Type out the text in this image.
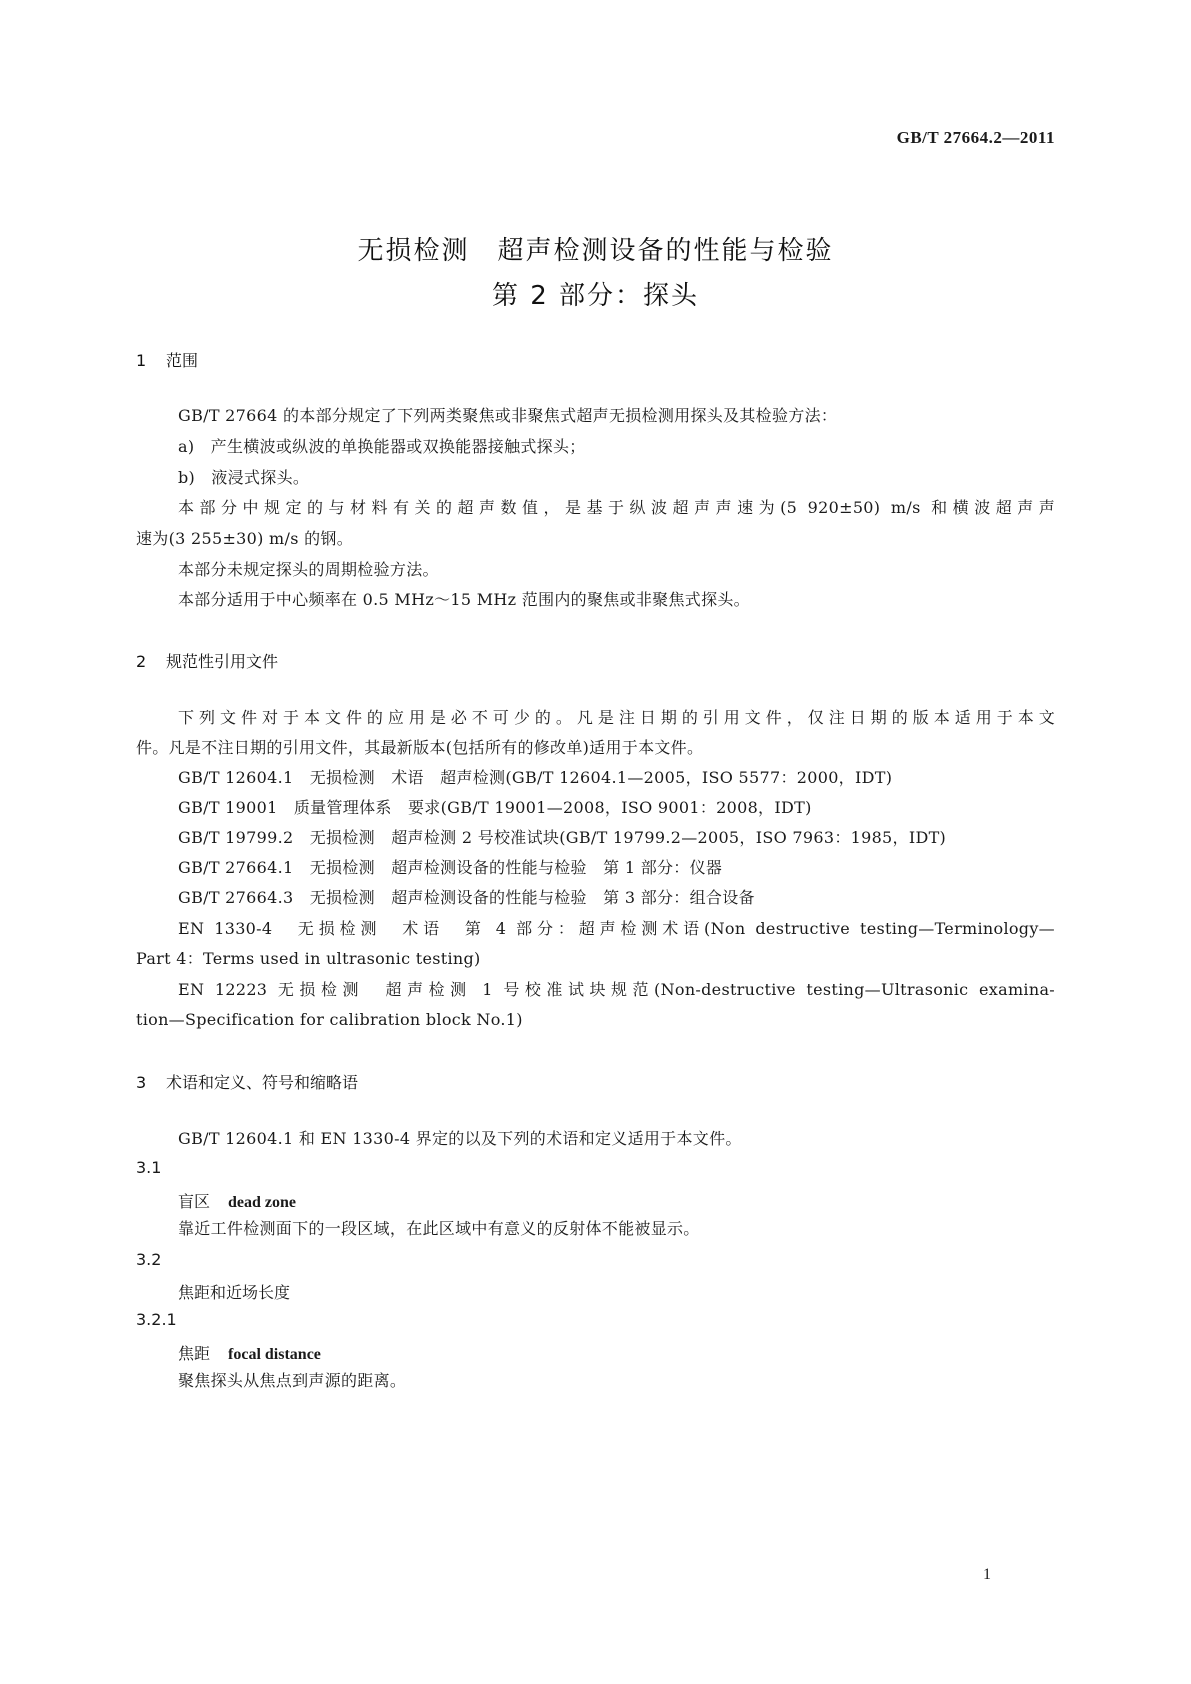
GB/T 27664.2—2011
无损检测　超声检测设备的性能与检验
第 2 部分：探头
1 范围
GB/T 27664 的本部分规定了下列两类聚焦或非聚焦式超声无损检测用探头及其检验方法：
a)　产生横波或纵波的单换能器或双换能器接触式探头；
b)　液浸式探头。
本部分中规定的与材料有关的超声数值，是基于纵波超声声速为(5 920±50) m/s 和横波超声声
速为(3 255±30) m/s 的钢。
本部分未规定探头的周期检验方法。
本部分适用于中心频率在 0.5 MHz～15 MHz 范围内的聚焦或非聚焦式探头。
2 规范性引用文件
下列文件对于本文件的应用是必不可少的。凡是注日期的引用文件，仅注日期的版本适用于本文
件。凡是不注日期的引用文件，其最新版本(包括所有的修改单)适用于本文件。
GB/T 12604.1　无损检测　术语　超声检测(GB/T 12604.1—2005，ISO 5577：2000，IDT)
GB/T 19001　质量管理体系　要求(GB/T 19001—2008，ISO 9001：2008，IDT)
GB/T 19799.2　无损检测　超声检测 2 号校准试块(GB/T 19799.2—2005，ISO 7963：1985，IDT)
GB/T 27664.1　无损检测　超声检测设备的性能与检验　第 1 部分：仪器
GB/T 27664.3　无损检测　超声检测设备的性能与检验　第 3 部分：组合设备
EN 1330-4　无损检测　术语　第 4 部分：超声检测术语(Non destructive testing—Terminology—
Part 4：Terms used in ultrasonic testing)
EN 12223 无损检测　超声检测 1 号校准试块规范(Non-destructive testing—Ultrasonic examina-
tion—Specification for calibration block No.1)
3 术语和定义、符号和缩略语
GB/T 12604.1 和 EN 1330-4 界定的以及下列的术语和定义适用于本文件。
3.1
盲区 dead zone
靠近工件检测面下的一段区域，在此区域中有意义的反射体不能被显示。
3.2
焦距和近场长度
3.2.1
焦距 focal distance
聚焦探头从焦点到声源的距离。
1
